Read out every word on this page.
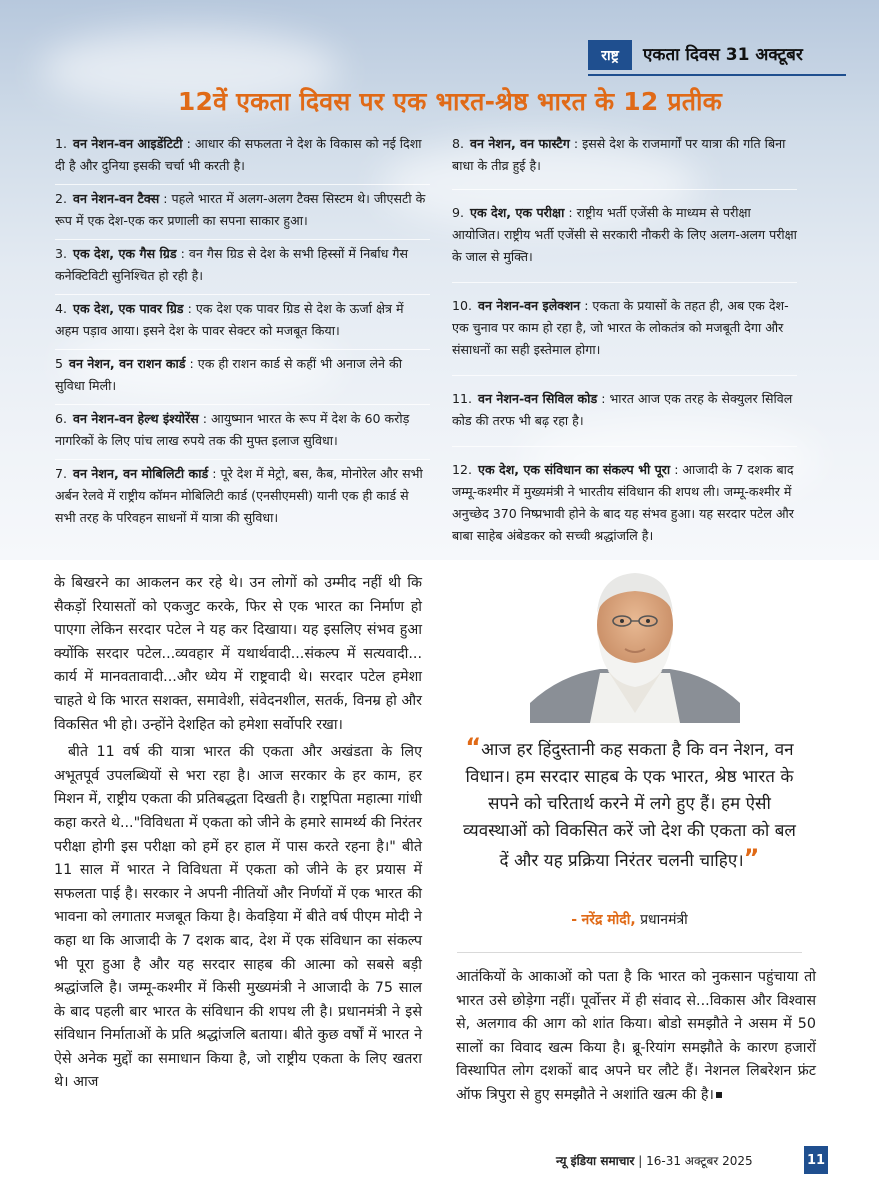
राष्ट्र	एकता दिवस 31 अक्टूबर
12वें एकता दिवस पर एक भारत-श्रेष्ठ भारत के 12 प्रतीक
1. वन नेशन-वन आइडेंटिटी : आधार की सफलता ने देश के विकास को नई दिशा दी है और दुनिया इसकी चर्चा भी करती है।
2. वन नेशन-वन टैक्स : पहले भारत में अलग-अलग टैक्स सिस्टम थे। जीएसटी के रूप में एक देश-एक कर प्रणाली का सपना साकार हुआ।
3. एक देश, एक गैस ग्रिड : वन गैस ग्रिड से देश के सभी हिस्सों में निर्बाध गैस कनेक्टिविटी सुनिश्चित हो रही है।
4. एक देश, एक पावर ग्रिड : एक देश एक पावर ग्रिड से देश के ऊर्जा क्षेत्र में अहम पड़ाव आया। इसने देश के पावर सेक्टर को मजबूत किया।
5 वन नेशन, वन राशन कार्ड : एक ही राशन कार्ड से कहीं भी अनाज लेने की सुविधा मिली।
6. वन नेशन-वन हेल्थ इंश्योरेंस : आयुष्मान भारत के रूप में देश के 60 करोड़ नागरिकों के लिए पांच लाख रुपये तक की मुफ्त इलाज सुविधा।
7. वन नेशन, वन मोबिलिटी कार्ड : पूरे देश में मेट्रो, बस, कैब, मोनोरेल और सभी अर्बन रेलवे में राष्ट्रीय कॉमन मोबिलिटी कार्ड (एनसीएमसी) यानी एक ही कार्ड से सभी तरह के परिवहन साधनों में यात्रा की सुविधा।
8. वन नेशन, वन फास्टैग : इससे देश के राजमार्गों पर यात्रा की गति बिना बाधा के तीव्र हुई है।
9. एक देश, एक परीक्षा : राष्ट्रीय भर्ती एजेंसी के माध्यम से परीक्षा आयोजित। राष्ट्रीय भर्ती एजेंसी से सरकारी नौकरी के लिए अलग-अलग परीक्षा के जाल से मुक्ति।
10. वन नेशन-वन इलेक्शन : एकता के प्रयासों के तहत ही, अब एक देश-एक चुनाव पर काम हो रहा है, जो भारत के लोकतंत्र को मजबूती देगा और संसाधनों का सही इस्तेमाल होगा।
11. वन नेशन-वन सिविल कोड : भारत आज एक तरह के सेक्युलर सिविल कोड की तरफ भी बढ़ रहा है।
12. एक देश, एक संविधान का संकल्प भी पूरा : आजादी के 7 दशक बाद जम्मू-कश्मीर में मुख्यमंत्री ने भारतीय संविधान की शपथ ली। जम्मू-कश्मीर में अनुच्छेद 370 निष्प्रभावी होने के बाद यह संभव हुआ। यह सरदार पटेल और बाबा साहेब अंबेडकर को सच्ची श्रद्धांजलि है।

के बिखरने का आकलन कर रहे थे। उन लोगों को उम्मीद नहीं थी कि सैकड़ों रियासतों को एकजुट करके, फिर से एक भारत का निर्माण हो पाएगा लेकिन सरदार पटेल ने यह कर दिखाया। यह इसलिए संभव हुआ क्योंकि सरदार पटेल...व्यवहार में यथार्थवादी...संकल्प में सत्यवादी... कार्य में मानवतावादी...और ध्येय में राष्ट्रवादी थे। सरदार पटेल हमेशा चाहते थे कि भारत सशक्त, समावेशी, संवेदनशील, सतर्क, विनम्र हो और विकसित भी हो। उन्होंने देशहित को हमेशा सर्वोपरि रखा।

बीते 11 वर्ष की यात्रा भारत की एकता और अखंडता के लिए अभूतपूर्व उपलब्धियों से भरा रहा है। आज सरकार के हर काम, हर मिशन में, राष्ट्रीय एकता की प्रतिबद्धता दिखती है। राष्ट्रपिता महात्मा गांधी कहा करते थे..."विविधता में एकता को जीने के हमारे सामर्थ्य की निरंतर परीक्षा होगी इस परीक्षा को हमें हर हाल में पास करते रहना है।" बीते 11 साल में भारत ने विविधता में एकता को जीने के हर प्रयास में सफलता पाई है। सरकार ने अपनी नीतियों और निर्णयों में एक भारत की भावना को लगातार मजबूत किया है। केवड़िया में बीते वर्ष पीएम मोदी ने कहा था कि आजादी के 7 दशक बाद, देश में एक संविधान का संकल्प भी पूरा हुआ है और यह सरदार साहब की आत्मा को सबसे बड़ी श्रद्धांजलि है। जम्मू-कश्मीर में किसी मुख्यमंत्री ने आजादी के 75 साल के बाद पहली बार भारत के संविधान की शपथ ली है। प्रधानमंत्री ने इसे संविधान निर्माताओं के प्रति श्रद्धांजलि बताया। बीते कुछ वर्षों में भारत ने ऐसे अनेक मुद्दों का समाधान किया है, जो राष्ट्रीय एकता के लिए खतरा थे। आज

“आज हर हिंदुस्तानी कह सकता है कि वन नेशन, वन विधान। हम सरदार साहब के एक भारत, श्रेष्ठ भारत के सपने को चरितार्थ करने में लगे हुए हैं। हम ऐसी व्यवस्थाओं को विकसित करें जो देश की एकता को बल दें और यह प्रक्रिया निरंतर चलनी चाहिए।”
- नरेंद्र मोदी, प्रधानमंत्री
आतंकियों के आकाओं को पता है कि भारत को नुकसान पहुंचाया तो भारत उसे छोड़ेगा नहीं। पूर्वोत्तर में ही संवाद से...विकास और विश्वास से, अलगाव की आग को शांत किया। बोडो समझौते ने असम में 50 सालों का विवाद खत्म किया है। ब्रू-रियांग समझौते के कारण हजारों विस्थापित लोग दशकों बाद अपने घर लौटे हैं। नेशनल लिबरेशन फ्रंट ऑफ त्रिपुरा से हुए समझौते ने अशांति खत्म की है।
न्यू इंडिया समाचार | 16-31 अक्टूबर 2025	11
